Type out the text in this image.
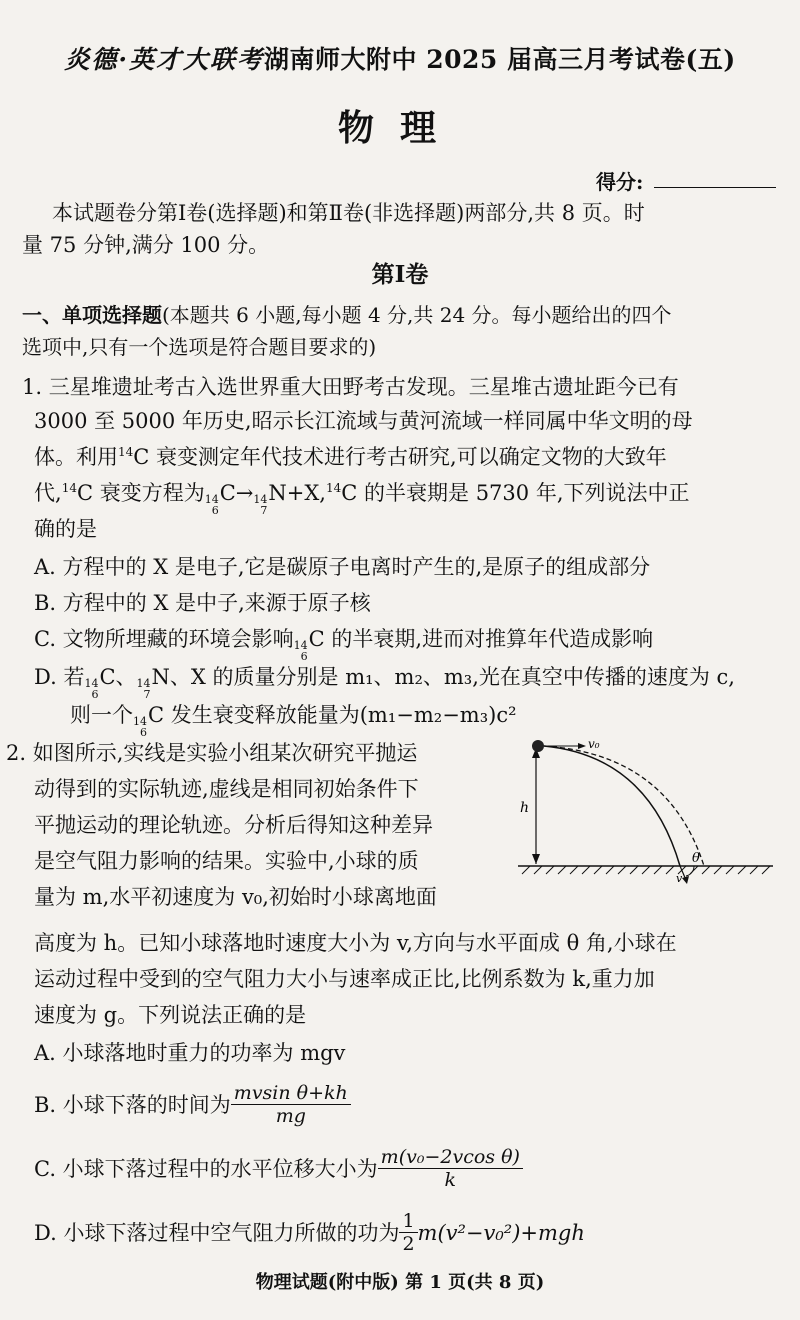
炎德·英才大联考湖南师大附中 2025 届高三月考试卷(五)
物理
得分:
本试题卷分第Ⅰ卷(选择题)和第Ⅱ卷(非选择题)两部分,共 8 页。时
量 75 分钟,满分 100 分。
第Ⅰ卷
一、单项选择题(本题共 6 小题,每小题 4 分,共 24 分。每小题给出的四个
选项中,只有一个选项是符合题目要求的)
1. 三星堆遗址考古入选世界重大田野考古发现。三星堆古遗址距今已有
3000 至 5000 年历史,昭示长江流域与黄河流域一样同属中华文明的母
体。利用$^{14}$C 衰变测定年代技术进行考古研究,可以确定文物的大致年
代,$^{14}$C 衰变方程为 14
6
C→ 14
7
N+X,$^{14}$C 的半衰期是 5730 年,下列说法中正
确的是
A. 方程中的 X 是电子,它是碳原子电离时产生的,是原子的组成部分
B. 方程中的 X 是中子,来源于原子核
C. 文物所埋藏的环境会影响 14
6
C 的半衰期,进而对推算年代造成影响
D. 若 14
6
C、 14
7
N、X 的质量分别是 m₁、m₂、m₃,光在真空中传播的速度为 c,
则一个 14
6
C 发生衰变释放能量为(m₁−m₂−m₃)c²
2. 如图所示,实线是实验小组某次研究平抛运
动得到的实际轨迹,虚线是相同初始条件下
平抛运动的理论轨迹。分析后得知这种差异
是空气阻力影响的结果。实验中,小球的质
量为 m,水平初速度为 v₀,初始时小球离地面
高度为 h。已知小球落地时速度大小为 v,方向与水平面成 θ 角,小球在
运动过程中受到的空气阻力大小与速率成正比,比例系数为 k,重力加
速度为 g。下列说法正确的是
h
v₀
v
θ
A. 小球落地时重力的功率为 mgv
B. 小球下落的时间为 $\frac{\text{mvsin θ+kh}}{mg}$
C. 小球下落过程中的水平位移大小为 $\frac{\text{m(v₀−2vcos θ)}}{k}$
D. 小球下落过程中空气阻力所做的功为 $\frac{1}{2} m(v^2-v_0^2)+mgh$
物理试题(附中版) 第 1 页(共 8 页)
